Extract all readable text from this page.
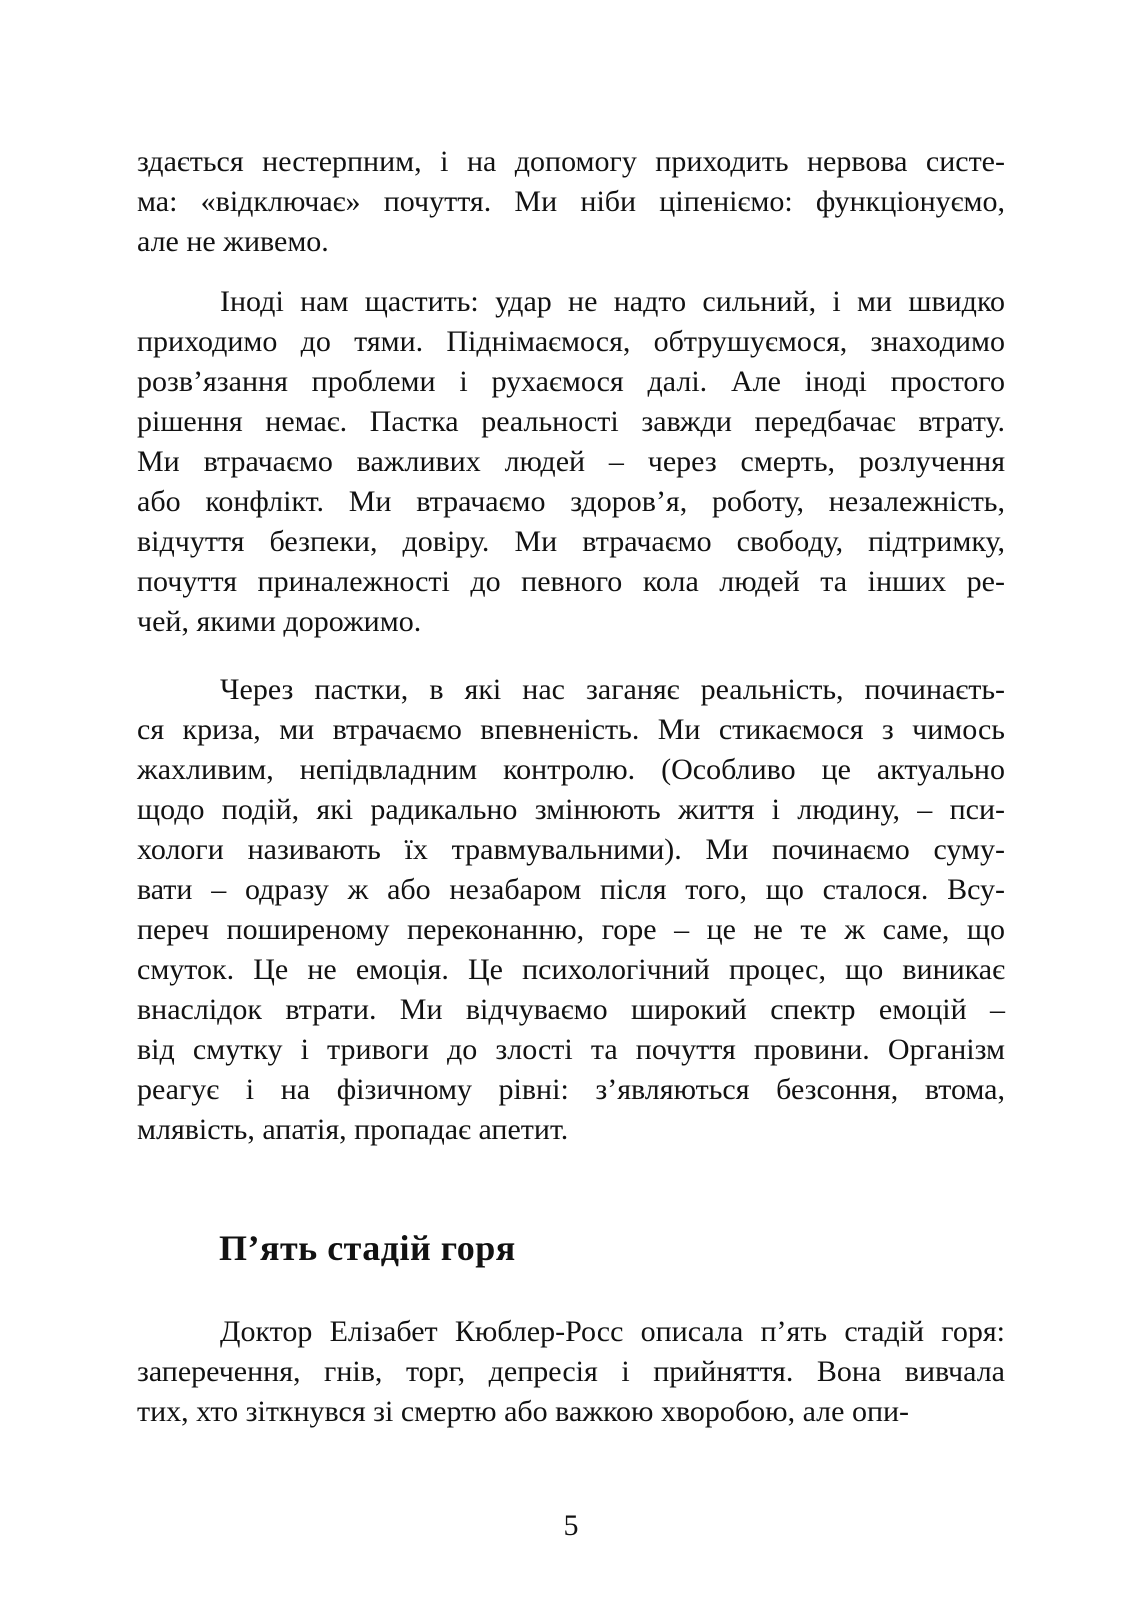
здається нестерпним, і на допомогу приходить нервова систе-
ма: «відключає» почуття. Ми ніби ціпеніємо: функціонуємо,
але не живемо.
Іноді нам щастить: удар не надто сильний, і ми швидко
приходимо до тями. Піднімаємося, обтрушуємося, знаходимо
розв’язання проблеми і рухаємося далі. Але іноді простого
рішення немає. Пастка реальності завжди передбачає втрату.
Ми втрачаємо важливих людей – через смерть, розлучення
або конфлікт. Ми втрачаємо здоров’я, роботу, незалежність,
відчуття безпеки, довіру. Ми втрачаємо свободу, підтримку,
почуття приналежності до певного кола людей та інших ре-
чей, якими дорожимо.
Через пастки, в які нас заганяє реальність, починаєть-
ся криза, ми втрачаємо впевненість. Ми стикаємося з чимось
жахливим, непідвладним контролю. (Особливо це актуально
щодо подій, які радикально змінюють життя і людину, – пси-
хологи називають їх травмувальними). Ми починаємо суму-
вати – одразу ж або незабаром після того, що сталося. Всу-
переч поширеному переконанню, горе – це не те ж саме, що
смуток. Це не емоція. Це психологічний процес, що виникає
внаслідок втрати. Ми відчуваємо широкий спектр емоцій –
від смутку і тривоги до злості та почуття провини. Організм
реагує і на фізичному рівні: з’являються безсоння, втома,
млявість, апатія, пропадає апетит.
П’ять стадій горя
Доктор Елізабет Кюблер-Росс описала п’ять стадій горя:
заперечення, гнів, торг, депресія і прийняття. Вона вивчала
тих, хто зіткнувся зі смертю або важкою хворобою, але опи-
5
